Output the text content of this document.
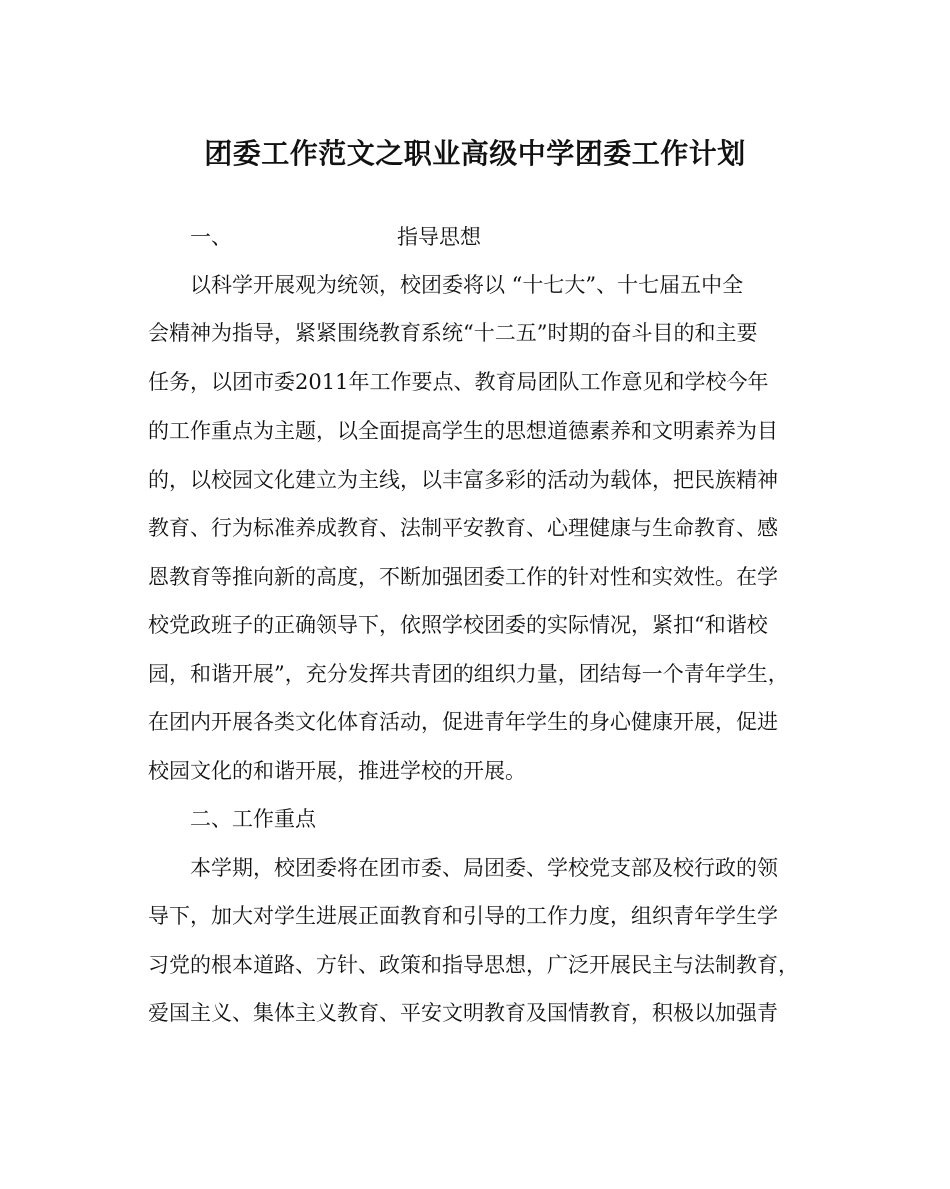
团委工作范文之职业高级中学团委工作计划
一、	指导思想
以科学开展观为统领，校团委将以 “十七大”、十七届五中全
会精神为指导，紧紧围绕教育系统“十二五”时期的奋斗目的和主要
任务，以团市委2011年工作要点、教育局团队工作意见和学校今年
的工作重点为主题，以全面提高学生的思想道德素养和文明素养为目
的，以校园文化建立为主线，以丰富多彩的活动为载体，把民族精神
教育、行为标准养成教育、法制平安教育、心理健康与生命教育、感
恩教育等推向新的高度，不断加强团委工作的针对性和实效性。在学
校党政班子的正确领导下，依照学校团委的实际情况，紧扣“和谐校
园，和谐开展”，充分发挥共青团的组织力量，团结每一个青年学生，
在团内开展各类文化体育活动，促进青年学生的身心健康开展，促进
校园文化的和谐开展，推进学校的开展。
二、工作重点
本学期，校团委将在团市委、局团委、学校党支部及校行政的领
导下，加大对学生进展正面教育和引导的工作力度，组织青年学生学
习党的根本道路、方针、政策和指导思想，广泛开展民主与法制教育，
爱国主义、集体主义教育、平安文明教育及国情教育，积极以加强青
